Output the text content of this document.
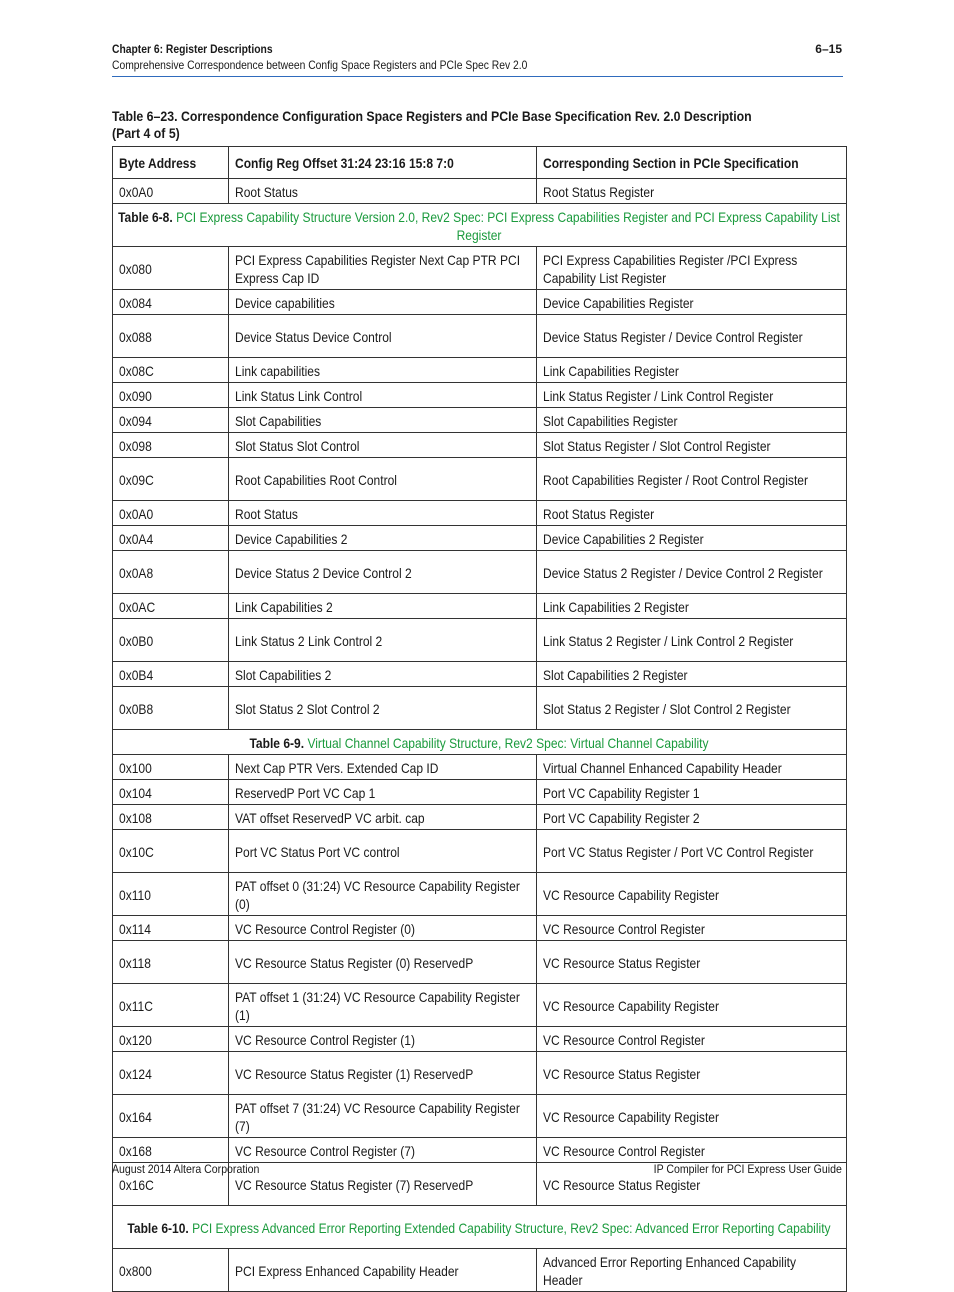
Chapter 6: Register Descriptions
Comprehensive Correspondence between Config Space Registers and PCIe Spec Rev 2.0
6–15
Table 6–23. Correspondence Configuration Space Registers and PCIe Base Specification Rev. 2.0 Description (Part 4 of 5)
Byte Address	Config Reg Offset 31:24 23:16 15:8 7:0	Corresponding Section in PCIe Specification
0x0A0	Root Status	Root Status Register
Table 6-8. PCI Express Capability Structure Version 2.0, Rev2 Spec: PCI Express Capabilities Register and PCI Express Capability List Register		
0x080	PCI Express Capabilities Register Next Cap PTR PCI Express Cap ID	PCI Express Capabilities Register /PCI Express Capability List Register
0x084	Device capabilities	Device Capabilities Register
0x088	Device Status Device Control	Device Status Register / Device Control Register
0x08C	Link capabilities	Link Capabilities Register
0x090	Link Status Link Control	Link Status Register / Link Control Register
0x094	Slot Capabilities	Slot Capabilities Register
0x098	Slot Status Slot Control	Slot Status Register / Slot Control Register
0x09C	Root Capabilities Root Control	Root Capabilities Register / Root Control Register
0x0A0	Root Status	Root Status Register
0x0A4	Device Capabilities 2	Device Capabilities 2 Register
0x0A8	Device Status 2 Device Control 2	Device Status 2 Register / Device Control 2 Register
0x0AC	Link Capabilities 2	Link Capabilities 2 Register
0x0B0	Link Status 2 Link Control 2	Link Status 2 Register / Link Control 2 Register
0x0B4	Slot Capabilities 2	Slot Capabilities 2 Register
0x0B8	Slot Status 2 Slot Control 2	Slot Status 2 Register / Slot Control 2 Register
Table 6-9. Virtual Channel Capability Structure, Rev2 Spec: Virtual Channel Capability		
0x100	Next Cap PTR Vers. Extended Cap ID	Virtual Channel Enhanced Capability Header
0x104	ReservedP Port VC Cap 1	Port VC Capability Register 1
0x108	VAT offset ReservedP VC arbit. cap	Port VC Capability Register 2
0x10C	Port VC Status Port VC control	Port VC Status Register / Port VC Control Register
0x110	PAT offset 0 (31:24) VC Resource Capability Register (0)	VC Resource Capability Register
0x114	VC Resource Control Register (0)	VC Resource Control Register
0x118	VC Resource Status Register (0) ReservedP	VC Resource Status Register
0x11C	PAT offset 1 (31:24) VC Resource Capability Register (1)	VC Resource Capability Register
0x120	VC Resource Control Register (1)	VC Resource Control Register
0x124	VC Resource Status Register (1) ReservedP	VC Resource Status Register
0x164	PAT offset 7 (31:24) VC Resource Capability Register (7)	VC Resource Capability Register
0x168	VC Resource Control Register (7)	VC Resource Control Register
0x16C	VC Resource Status Register (7) ReservedP	VC Resource Status Register
Table 6-10. PCI Express Advanced Error Reporting Extended Capability Structure, Rev2 Spec: Advanced Error Reporting Capability		
0x800	PCI Express Enhanced Capability Header	Advanced Error Reporting Enhanced Capability Header
August 2014 Altera Corporation	IP Compiler for PCI Express User Guide
